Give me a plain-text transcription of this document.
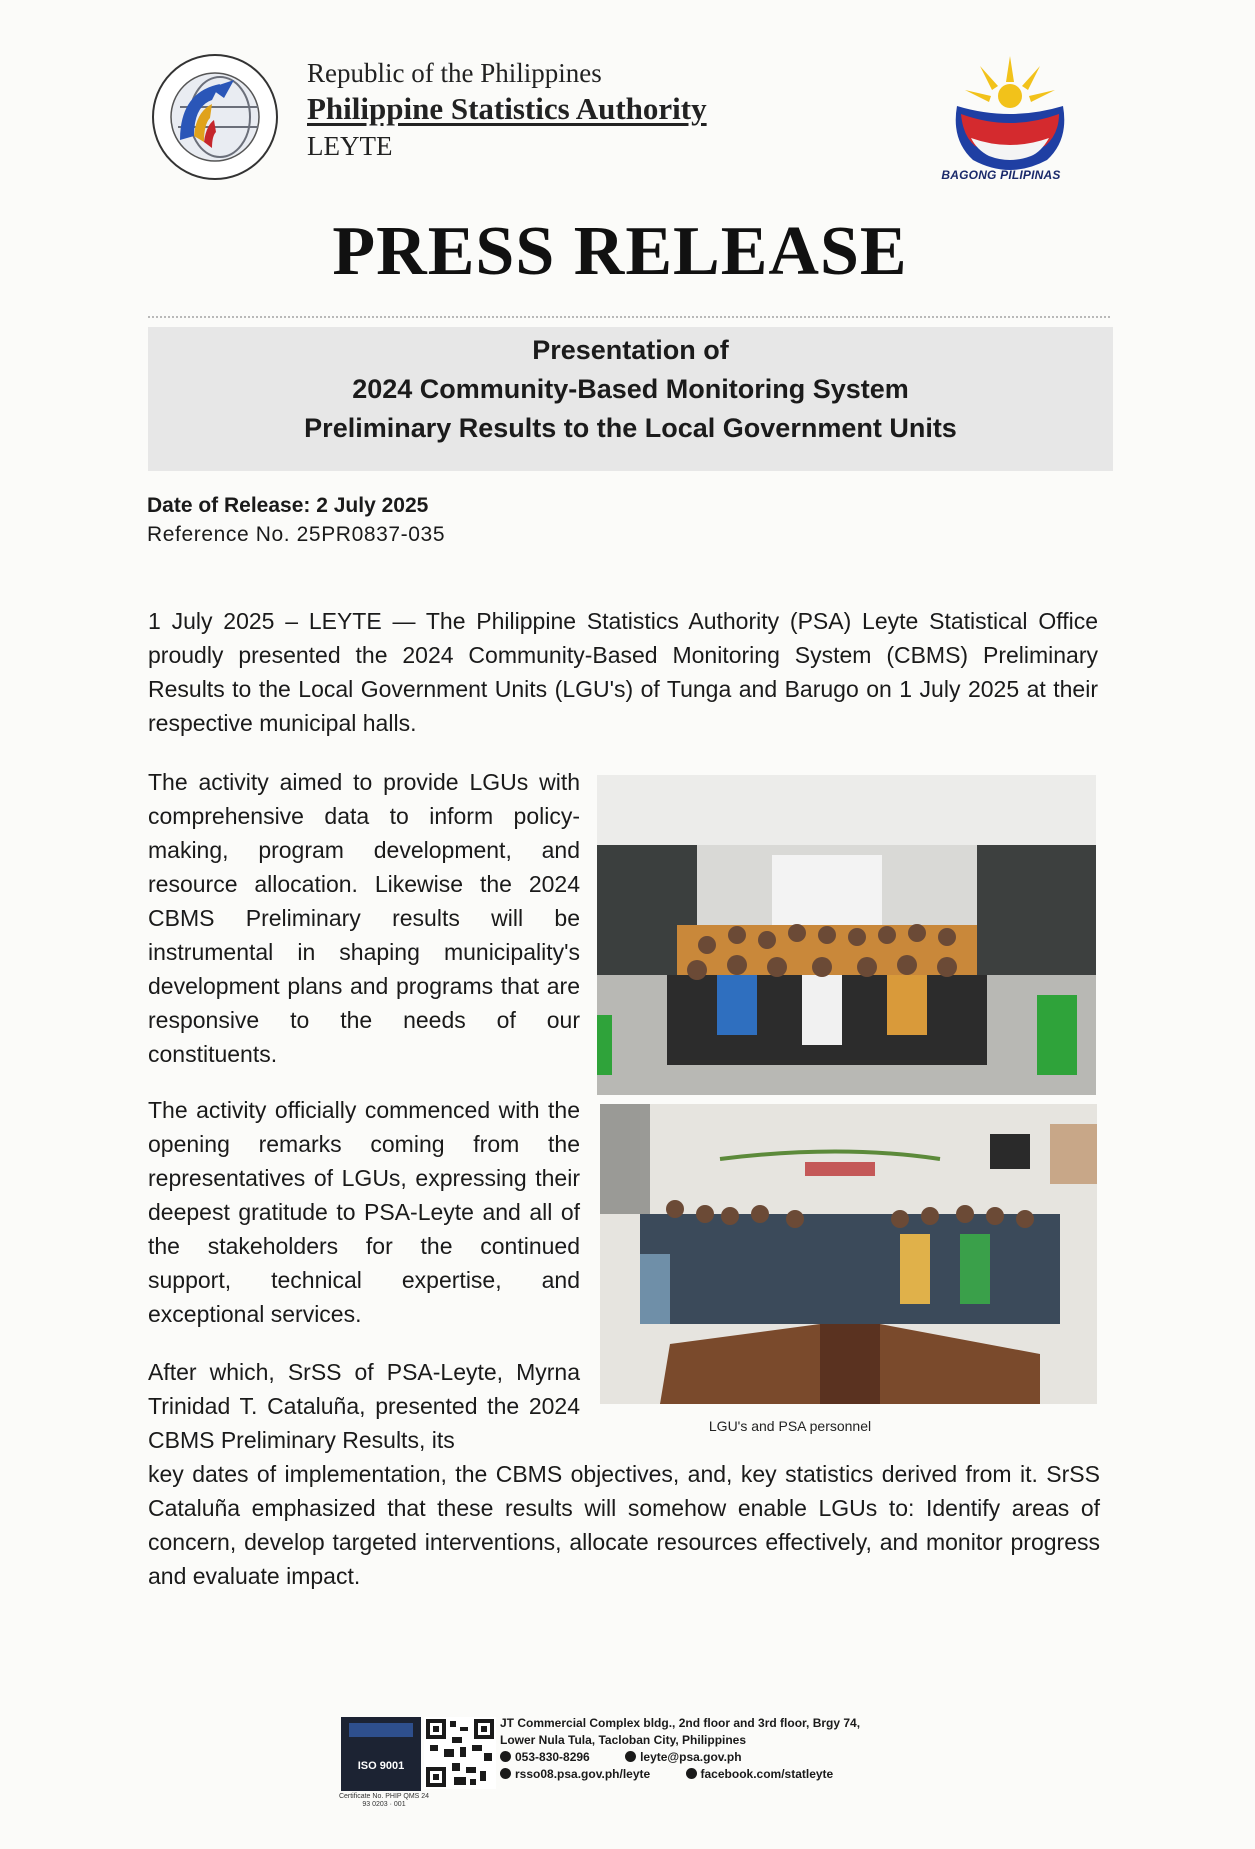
Republic of the Philippines
Philippine Statistics Authority
LEYTE
BAGONG PILIPINAS
PRESS RELEASE
Presentation of
2024 Community-Based Monitoring System
Preliminary Results to the Local Government Units
Date of Release: 2 July 2025
Reference No. 25PR0837-035
1 July 2025 – LEYTE — The Philippine Statistics Authority (PSA) Leyte Statistical Office proudly presented the 2024 Community-Based Monitoring System (CBMS) Preliminary Results to the Local Government Units (LGU's) of Tunga and Barugo on 1 July 2025 at their respective municipal halls.
The activity aimed to provide LGUs with comprehensive data to inform policy-making, program development, and resource allocation. Likewise the 2024 CBMS Preliminary results will be instrumental in shaping municipality's development plans and programs that are responsive to the needs of our constituents.
The activity officially commenced with the opening remarks coming from the representatives of LGUs, expressing their deepest gratitude to PSA-Leyte and all of the stakeholders for the continued support, technical expertise, and exceptional services.
After which, SrSS of PSA-Leyte, Myrna Trinidad T. Cataluña, presented the 2024 CBMS Preliminary Results, its
key dates of implementation, the CBMS objectives, and, key statistics derived from it. SrSS Cataluña emphasized that these results will somehow enable LGUs to: Identify areas of concern, develop targeted interventions, allocate resources effectively, and monitor progress and evaluate impact.
LGU's and PSA personnel
ISO 9001
Certificate No. PHIP QMS 24 93 0203 · 001
JT Commercial Complex bldg., 2nd floor and 3rd floor, Brgy 74,
Lower Nula Tula, Tacloban City, Philippines
053-830-8296	leyte@psa.gov.ph
rsso08.psa.gov.ph/leyte	facebook.com/statleyte
